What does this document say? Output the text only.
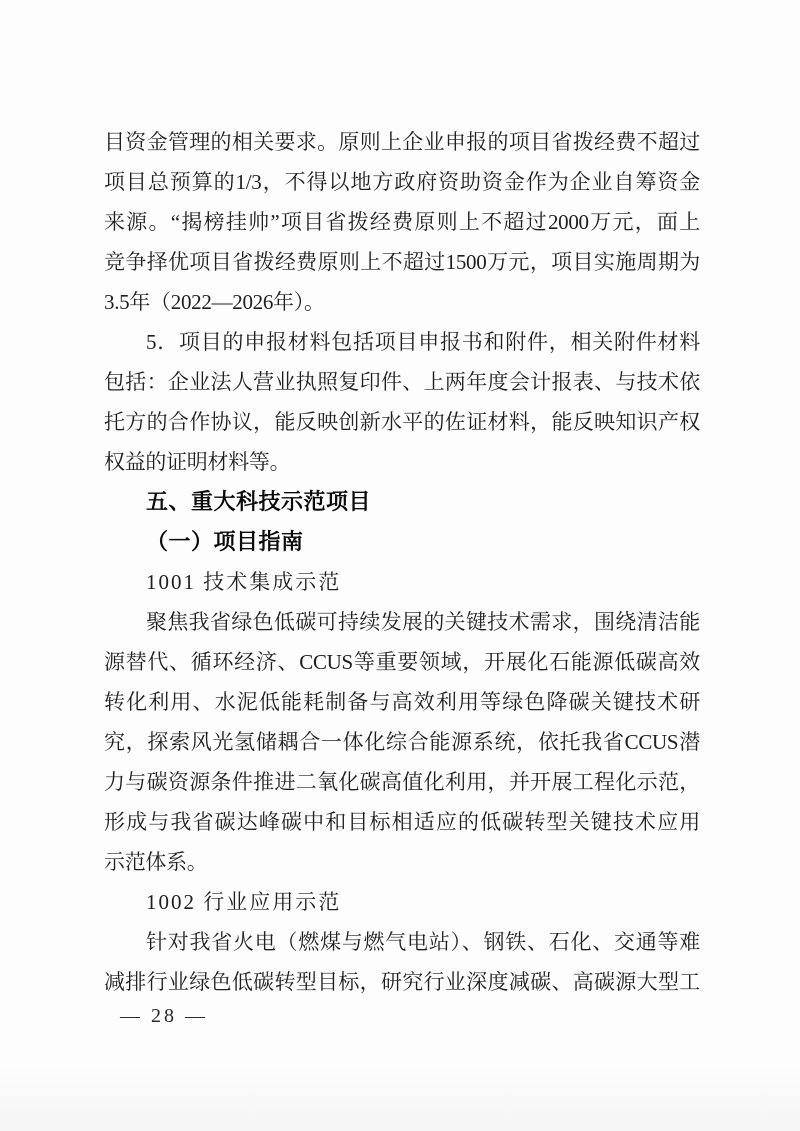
目资金管理的相关要求。原则上企业申报的项目省拨经费不超过
项目总预算的1/3，不得以地方政府资助资金作为企业自筹资金
来源。“揭榜挂帅”项目省拨经费原则上不超过2000万元，面上
竞争择优项目省拨经费原则上不超过1500万元，项目实施周期为
3.5年（2022—2026年）。
5．项目的申报材料包括项目申报书和附件，相关附件材料
包括：企业法人营业执照复印件、上两年度会计报表、与技术依
托方的合作协议，能反映创新水平的佐证材料，能反映知识产权
权益的证明材料等。
五、重大科技示范项目
（一）项目指南
1001 技术集成示范
聚焦我省绿色低碳可持续发展的关键技术需求，围绕清洁能
源替代、循环经济、CCUS等重要领域，开展化石能源低碳高效
转化利用、水泥低能耗制备与高效利用等绿色降碳关键技术研
究，探索风光氢储耦合一体化综合能源系统，依托我省CCUS潜
力与碳资源条件推进二氧化碳高值化利用，并开展工程化示范，
形成与我省碳达峰碳中和目标相适应的低碳转型关键技术应用
示范体系。
1002 行业应用示范
针对我省火电（燃煤与燃气电站）、钢铁、石化、交通等难
减排行业绿色低碳转型目标，研究行业深度减碳、高碳源大型工
— 28 —
